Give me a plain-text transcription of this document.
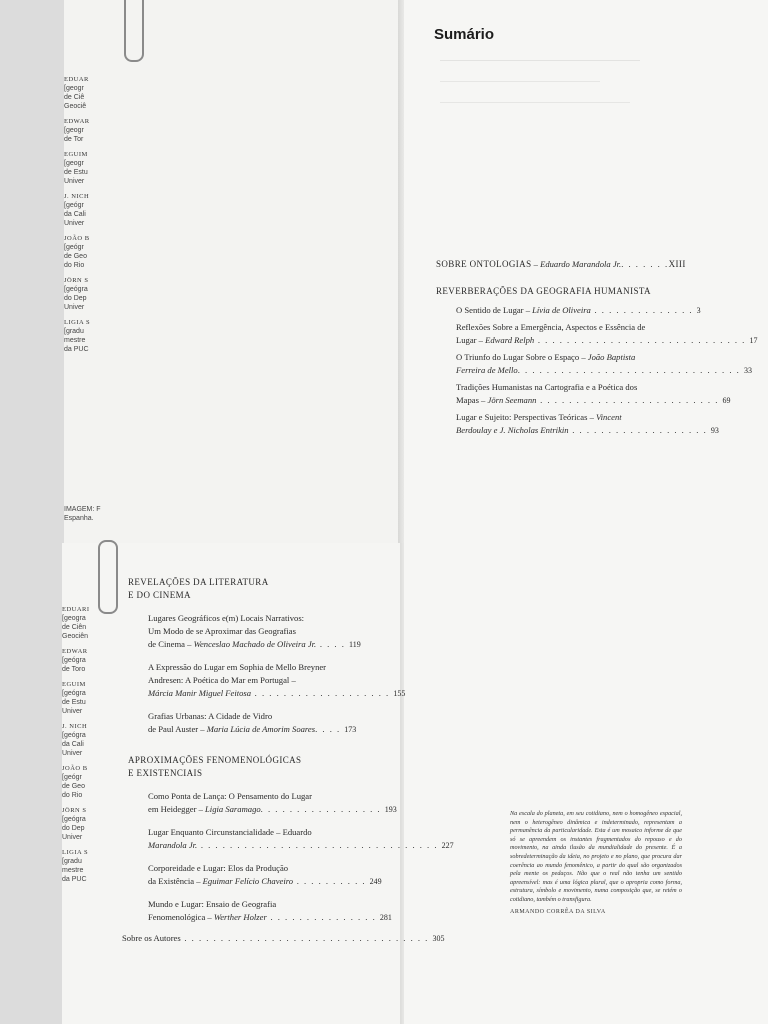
EDUAR
[geogr
de Ciê
Geociê
EDWAR
[geogr
de Tor
EGUIM
[geogr
de Estu
Univer
J. NICH
[geógr
da Cali
Univer
JOÃO B
[geógr
de Geo
do Rio
JÖRN S
[geógra
do Dep
Univer
LIGIA S
[gradu
mestre
da PUC
IMAGEM: F
Espanha.
EDUARI
[geogra
de Ciên
Geociên
EDWAR
[geógra
de Toro
EGUIM
[geógra
de Estu
Univer
J. NICH
[geógra
da Cali
Univer
JOÃO B
[geógr
de Geo
do Rio
JÖRN S
[geógra
do Dep
Univer
LIGIA S
[gradu
mestre
da PUC
Sumário
SOBRE ONTOLOGIAS – Eduardo Marandola Jr.. . . . . . .XIII
REVERBERAÇÕES DA GEOGRAFIA HUMANISTA
O Sentido de Lugar – Lívia de Oliveira . . . . . . . . . . . . . . 3
Reflexões Sobre a Emergência, Aspectos e Essência de
Lugar – Edward Relph . . . . . . . . . . . . . . . . . . . . . . . . . . . . . 17
O Triunfo do Lugar Sobre o Espaço – João Baptista
Ferreira de Mello. . . . . . . . . . . . . . . . . . . . . . . . . . . . . . . 33
Tradições Humanistas na Cartografia e a Poética dos
Mapas – Jörn Seemann . . . . . . . . . . . . . . . . . . . . . . . . . 69
Lugar e Sujeito: Perspectivas Teóricas – Vincent
Berdoulay e J. Nicholas Entrikin . . . . . . . . . . . . . . . . . . . 93
REVELAÇÕES DA LITERATURA
E DO CINEMA
Lugares Geográficos e(m) Locais Narrativos:
Um Modo de se Aproximar das Geografias
de Cinema – Wenceslao Machado de Oliveira Jr. . . . . 119
A Expressão do Lugar em Sophia de Mello Breyner
Andresen: A Poética do Mar em Portugal –
Márcia Manir Miguel Feitosa . . . . . . . . . . . . . . . . . . . 155
Grafias Urbanas: A Cidade de Vidro
de Paul Auster – Maria Lúcia de Amorim Soares. . . . 173
APROXIMAÇÕES FENOMENOLÓGICAS
E EXISTENCIAIS
Como Ponta de Lança: O Pensamento do Lugar
em Heidegger – Ligia Saramago. . . . . . . . . . . . . . . . . 193
Lugar Enquanto Circunstancialidade – Eduardo
Marandola Jr. . . . . . . . . . . . . . . . . . . . . . . . . . . . . . . . . . 227
Corporeidade e Lugar: Elos da Produção
da Existência – Eguimar Felício Chaveiro . . . . . . . . . . 249
Mundo e Lugar: Ensaio de Geografia
Fenomenológica – Werther Holzer . . . . . . . . . . . . . . . 281
Sobre os Autores . . . . . . . . . . . . . . . . . . . . . . . . . . . . . . . . . . 305
Na escala do planeta, em seu cotidiano, nem o homogêneo espacial, nem o heterogêneo dinâmica e indeterminado, representam a permanência da particularidade. Esta é um mosaico informe de que só se apreendem os instantes fragmentados do repouso e do movimento, na ainda ilusão da mundialidade do presente. É a sobredeterminação da ideia, no projeto e no plano, que procura dar coerência ao mundo fenomênico, a partir do qual são organizados pela mente os pedaços. Não que o real não tenha um sentido apreensível: mas é uma lógica plural, que o apropria como forma, estrutura, símbolo e movimento, numa composição que, se retém o cotidiano, também o transfigura.
ARMANDO CORRÊA DA SILVA
